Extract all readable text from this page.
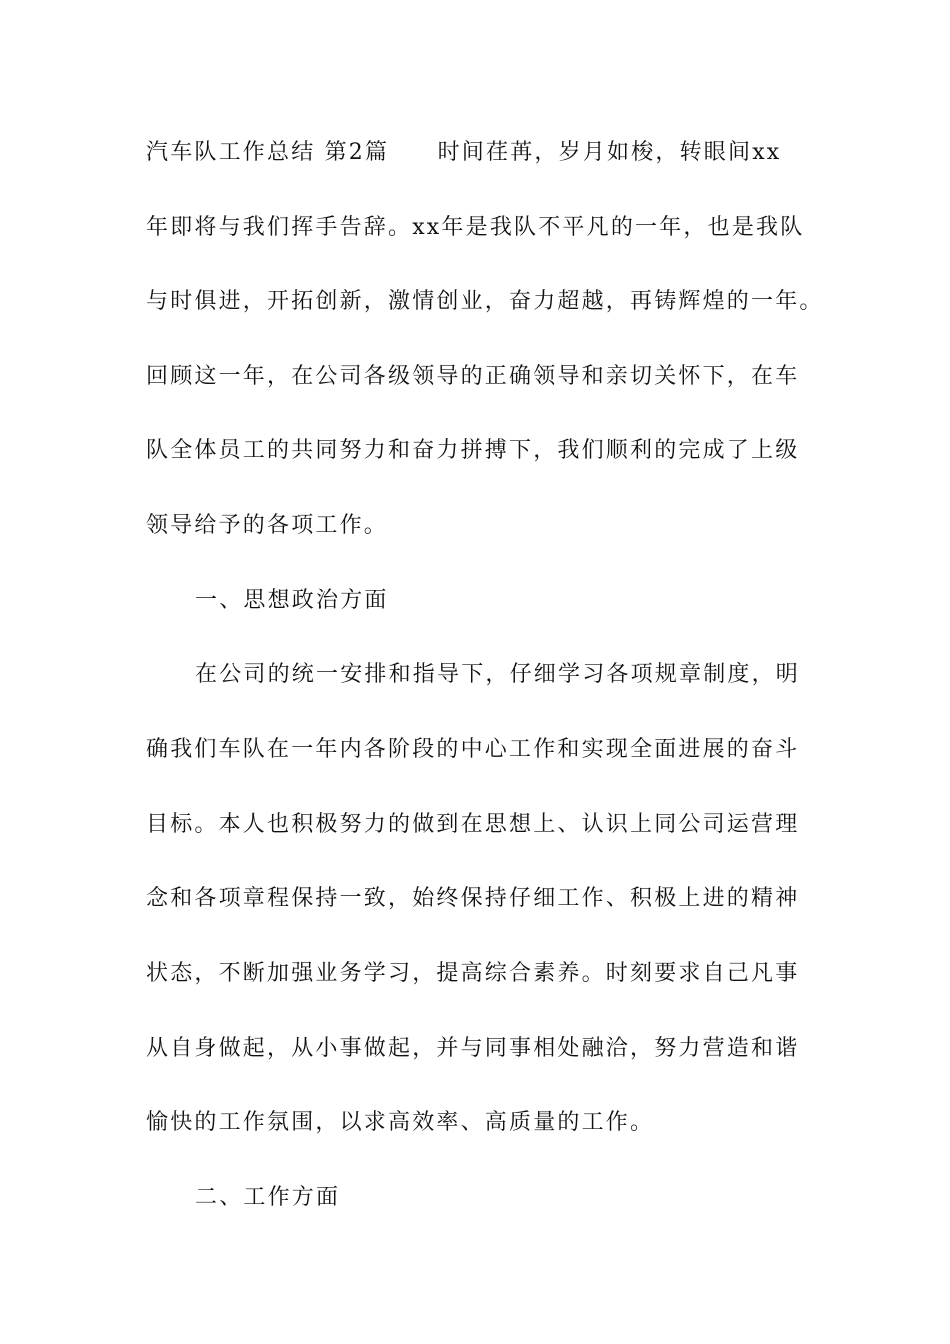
汽车队工作总结 第2篇　　时间荏苒，岁月如梭，转眼间xx
年即将与我们挥手告辞。xx年是我队不平凡的一年，也是我队
与时俱进，开拓创新，激情创业，奋力超越，再铸辉煌的一年。
回顾这一年，在公司各级领导的正确领导和亲切关怀下，在车
队全体员工的共同努力和奋力拼搏下，我们顺利的完成了上级
领导给予的各项工作。
一、思想政治方面
在公司的统一安排和指导下，仔细学习各项规章制度，明
确我们车队在一年内各阶段的中心工作和实现全面进展的奋斗
目标。本人也积极努力的做到在思想上、认识上同公司运营理
念和各项章程保持一致，始终保持仔细工作、积极上进的精神
状态，不断加强业务学习，提高综合素养。时刻要求自己凡事
从自身做起，从小事做起，并与同事相处融洽，努力营造和谐
愉快的工作氛围，以求高效率、高质量的工作。
二、工作方面
